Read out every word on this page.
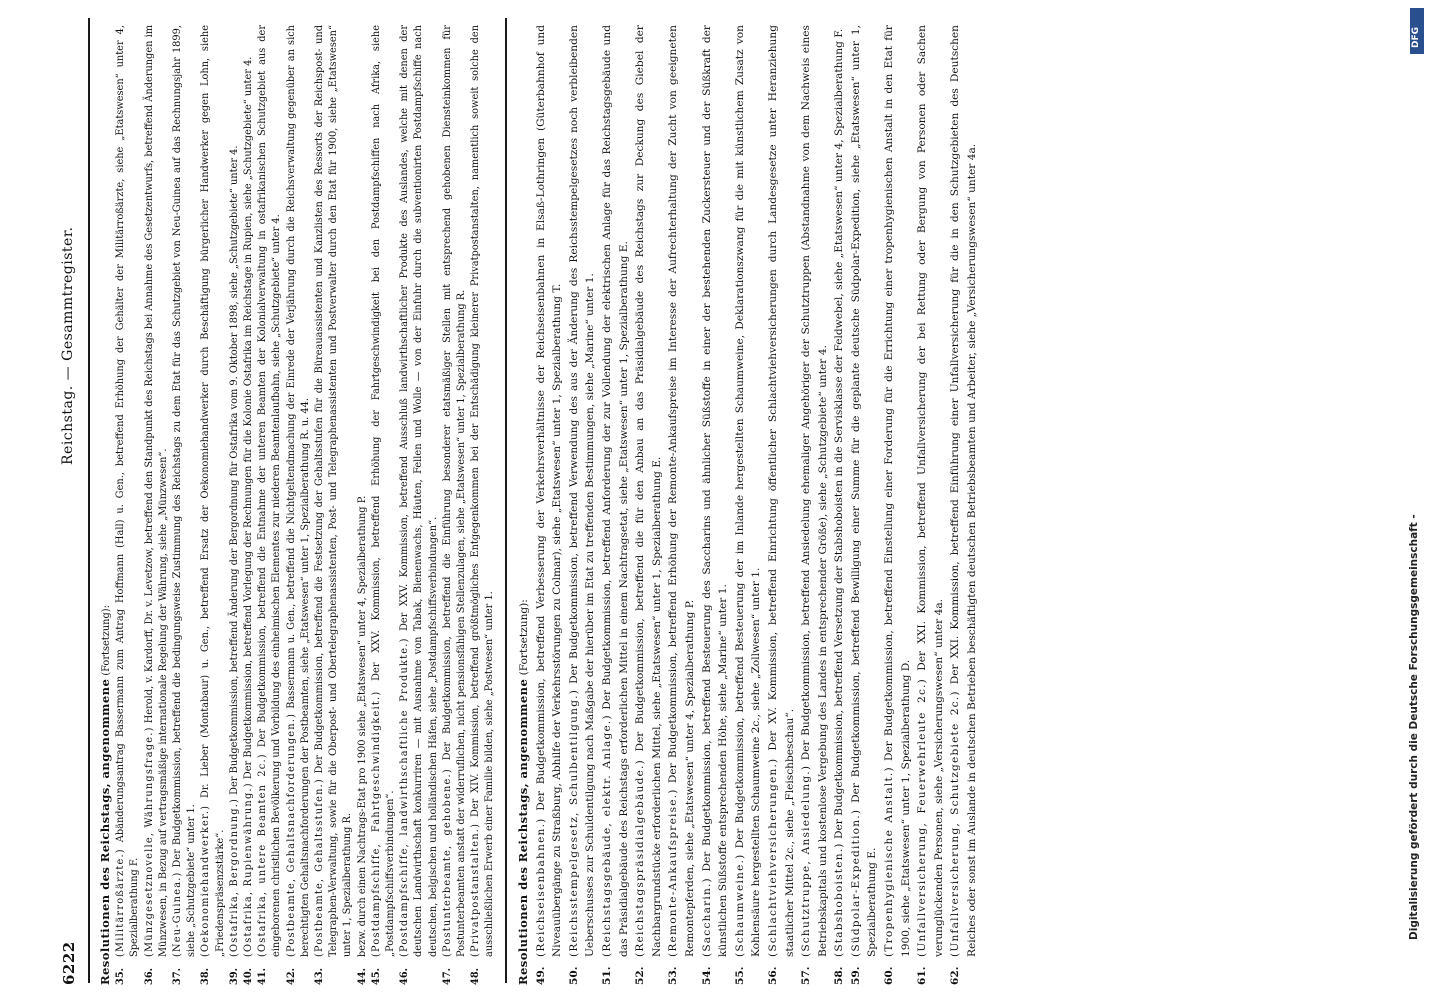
6222
Reichstag. — Gesammtregister.
Resolutionen des Reichstags, angenommene (Fortsetzung):
35.
(Militärroßärzte.) Abänderungsantrag Bassermann zum Antrag Hoffmann (Hall) u. Gen., betreffend Erhöhung der Gehälter der Militärroßärzte, siehe „Etatswesen“ unter 4, Spezialberathung F.
36.
(Münzgesetznovelle, Währungsfrage.) Herold, v. Kardorff, Dr. v. Levetzow, betreffend den Standpunkt des Reichstags bei Annahme des Gesetzentwurfs, betreffend Änderungen im Münzwesen, in Bezug auf vertragsmäßige internationale Regelung der Währung, siehe „Münzwesen“.
37.
(Neu-Guinea.) Der Budgetkommission, betreffend die bedingungsweise Zustimmung des Reichstags zu dem Etat für das Schutzgebiet von Neu-Guinea auf das Rechnungsjahr 1899, siehe „Schutzgebiete“ unter 1.
38.
(Oekonomiehandwerker.) Dr. Lieber (Montabaur) u. Gen., betreffend Ersatz der Oekonomiehandwerker durch Beschäftigung bürgerlicher Handwerker gegen Lohn, siehe „Friedenspräsenzstärke“.
39.
(Ostafrika, Bergordnung.) Der Budgetkommission, betreffend Änderung der Bergordnung für Ostafrika vom 9. Oktober 1898, siehe „Schutzgebiete“ unter 4.
40.
(Ostafrika, Rupienwährung.) Der Budgetkommission, betreffend Vorlegung der Rechnungen für die Kolonie Ostafrika im Reichstage in Rupien, siehe „Schutzgebiete“ unter 4.
41.
(Ostafrika, untere Beamten 2c.) Der Budgetkommission, betreffend die Entnahme der unteren Beamten der Kolonialverwaltung in ostafrikanischen Schutzgebiet aus der eingeborenen christlichen Bevölkerung und Vorbildung des einheimischen Elementes zur niederen Beamtenlaufbahn, siehe „Schutzgebiete“ unter 4.
42.
(Postbeamte, Gehaltsnachforderungen.) Bassermann u. Gen., betreffend die Nichtgeltendmachung der Einrede der Verjährung durch die Reichsverwaltung gegenüber an sich berechtigten Gehaltsnachforderungen der Postbeamten, siehe „Etatswesen“ unter 1, Spezialberathung R. u. 44.
43.
(Postbeamte, Gehaltsstufen.) Der Budgetkommission, betreffend die Festsetzung der Gehaltsstufen für die Büreauassistenten und Kanzlisten des Ressorts der Reichspost- und Telegraphen-Verwaltung, sowie für die Oberpost- und Obertelegraphenassistenten, Post- und Telegraphenassistenten und Postverwalter durch den Etat für 1900, siehe „Etatswesen“ unter 1, Spezialberathung R.
44.
bezw. durch einen Nachtrags-Etat pro 1900 siehe „Etatswesen“ unter 4, Spezialberathung P.
45.
(Postdampfschiffe, Fahrtgeschwindigkeit.) Der XXV. Kommission, betreffend Erhöhung der Fahrtgeschwindigkeit bei den Postdampfschiffen nach Afrika, siehe „Postdampfschiffsverbindungen“.
46.
(Postdampfschiffe, landwirthschaftliche Produkte.) Der XXV. Kommission, betreffend Ausschluß landwirthschaftlicher Produkte des Auslandes, welche mit denen der deutschen Landwirthschaft konkurriren — mit Ausnahme von Tabak, Bienenwachs, Häuten, Fellen und Wolle — von der Einfuhr durch die subventionirten Postdampfschiffe nach deutschen, belgischen und holländischen Häfen, siehe „Postdampfschiffsverbindungen“.
47.
(Postunterbeamte, gehobene.) Der Budgetkommission, betreffend die Einführung besonderer etatsmäßiger Stellen mit entsprechend gehobenen Diensteinkommen für Postunterbeamten anstatt der widerruflichen, nicht pensionsfähigen Stellenzulagen, siehe „Etatswesen“ unter 1, Spezialberathung R.
48.
(Privatpostanstalten.) Der XIV. Kommission, betreffend größtmögliches Entgegenkommen bei der Entschädigung kleinerer Privatpostanstalten, namentlich soweit solche den ausschließlichen Erwerb einer Familie bilden, siehe „Postwesen“ unter 1. Resolutionen des Reichstags, angenommene (Fortsetzung):
49.
(Reichseisenbahnen.) Der Budgetkommission, betreffend Verbesserung der Verkehrsverhältnisse der Reichseisenbahnen in Elsaß-Lothringen (Güterbahnhof und Niveauübergänge zu Straßburg, Abhilfe der Verkehrsstörungen zu Colmar), siehe „Etatswesen“ unter 1, Spezialberathung T.
50.
(Reichsstempelgesetz, Schulbentilgung.) Der Budgetkommission, betreffend Verwendung des aus der Änderung des Reichsstempelgesetzes noch verbleibenden Ueberschusses zur Schuldentilgung nach Maßgabe der hierüber im Etat zu treffenden Bestimmungen, siehe „Marine“ unter 1.
51.
(Reichstagsgebäude, elektr. Anlage.) Der Budgetkommission, betreffend Anforderung der zur Vollendung der elektrischen Anlage für das Reichstagsgebäude und das Präsidialgebäude des Reichstags erforderlichen Mittel in einem Nachtragsetat, siehe „Etatswesen“ unter 1, Spezialberathung E.
52.
(Reichstagspräsidialgebäude.) Der Budgetkommission, betreffend die für den Anbau an das Präsidialgebäude des Reichstags zur Deckung des Giebel der Nachbargrundstücke erforderlichen Mittel, siehe „Etatswesen“ unter 1, Spezialberathung E.
53.
(Remonte-Ankaufspreise.) Der Budgetkommission, betreffend Erhöhung der Remonte-Ankaufspreise im Interesse der Aufrechterhaltung der Zucht von geeigneten Remontepferden, siehe „Etatswesen“ unter 4, Spezialberathung P.
54.
(Saccharin.) Der Budgetkommission, betreffend Besteuerung des Saccharins und ähnlicher Süßstoffe in einer der bestehenden Zuckersteuer und der Süßkraft der künstlichen Süßstoffe entsprechenden Höhe, siehe „Marine“ unter 1.
55.
(Schaumweine.) Der Budgetkommission, betreffend Besteuerung der im Inlande hergestellten Schaumweine, Deklarationszwang für die mit künstlichem Zusatz von Kohlensäure hergestellten Schaumweine 2c., siehe „Zollwesen“ unter 1.
56.
(Schlachtviehversicherungen.) Der XV. Kommission, betreffend Einrichtung öffentlicher Schlachtviehversicherungen durch Landesgesetze unter Heranziehung staatlicher Mittel 2c., siehe „Fleischbeschau“.
57.
(Schutztruppe, Ansiedelung.) Der Budgetkommission, betreffend Ansiedelung ehemaliger Angehöriger der Schutztruppen (Abstandnahme von dem Nachweis eines Betriebskapitals und kostenlose Vergebung des Landes in entsprechender Größe), siehe „Schutzgebiete“ unter 4.
58.
(Stabshoboisten.) Der Budgetkommission, betreffend Versetzung der Stabshoboisten in die Servisklasse der Feldwebel, siehe „Etatswesen“ unter 4, Spezialberathung F.
59.
(Südpolar-Expedition.) Der Budgetkommission, betreffend Bewilligung einer Summe für die geplante deutsche Südpolar-Expedition, siehe „Etatswesen“ unter 1, Spezialberathung E.
60.
(Tropenhygienische Anstalt.) Der Budgetkommission, betreffend Einstellung einer Forderung für die Errichtung einer tropenhygienischen Anstalt in den Etat für 1900, siehe „Etatswesen“ unter 1, Spezialberathung D.
61.
(Unfallversicherung, Feuerwehrleute 2c.) Der XXI. Kommission, betreffend Unfallversicherung der bei Rettung oder Bergung von Personen oder Sachen verunglückenden Personen, siehe „Versicherungswesen“ unter 4a.
62.
(Unfallversicherung, Schutzgebiete 2c.) Der XXI. Kommission, betreffend Einführung einer Unfallversicherung für die in den Schutzgebieten des Deutschen Reiches oder sonst im Auslande in deutschen Betrieben beschäftigten deutschen Betriebsbeamten und Arbeiter, siehe „Versicherungswesen“ unter 4a.	Digitalisierung gefördert durch die Deutsche Forschungsgemeinschaft -
DFG
